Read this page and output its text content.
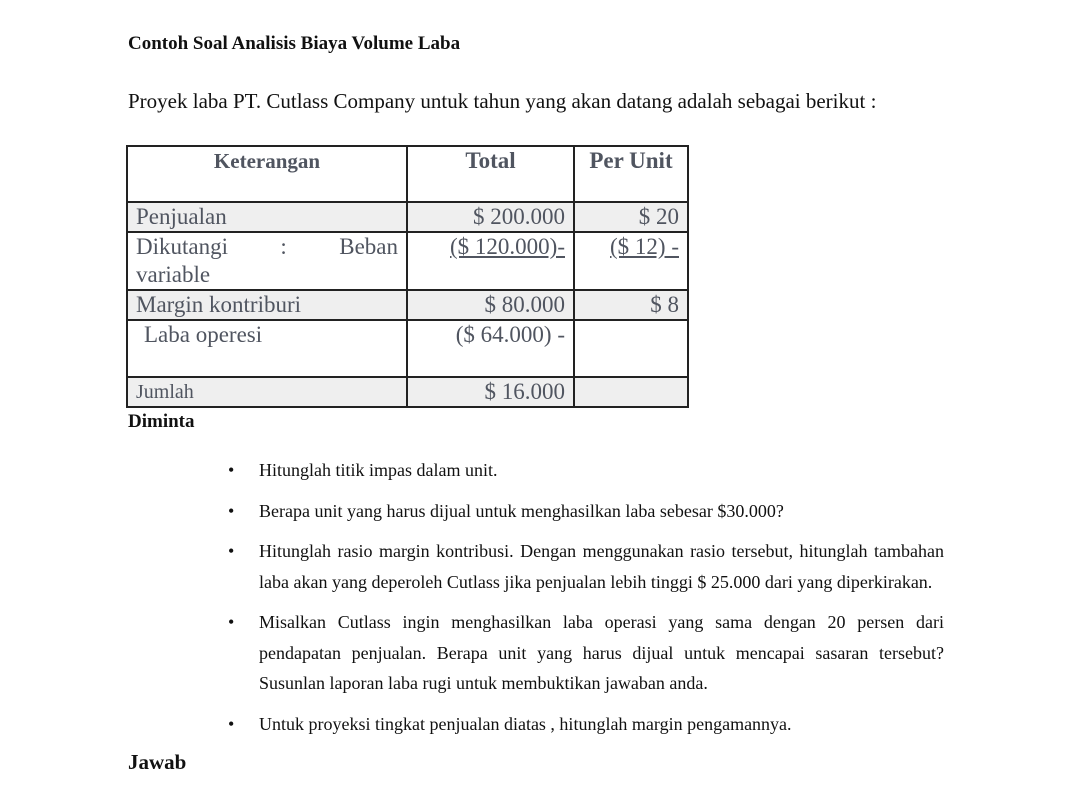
Contoh Soal Analisis Biaya Volume Laba
Proyek laba PT. Cutlass Company untuk tahun yang akan datang adalah sebagai berikut :
Keterangan	Total	Per Unit
Penjualan	$ 200.000	$ 20
Dikutangi : Beban variable	($ 120.000)-	($ 12) -
Margin kontriburi	$ 80.000	$ 8
Laba operesi	($ 64.000) -	
Jumlah	$ 16.000	
Diminta
• Hitunglah titik impas dalam unit.
• Berapa unit yang harus dijual untuk menghasilkan laba sebesar $30.000?
• Hitunglah rasio margin kontribusi. Dengan menggunakan rasio tersebut, hitunglah tambahan laba akan yang deperoleh Cutlass jika penjualan lebih tinggi $ 25.000 dari yang diperkirakan.
• Misalkan Cutlass ingin menghasilkan laba operasi yang sama dengan 20 persen dari pendapatan penjualan. Berapa unit yang harus dijual untuk mencapai sasaran tersebut? Susunlan laporan laba rugi untuk membuktikan jawaban anda.
• Untuk proyeksi tingkat penjualan diatas , hitunglah margin pengamannya.
Jawab
